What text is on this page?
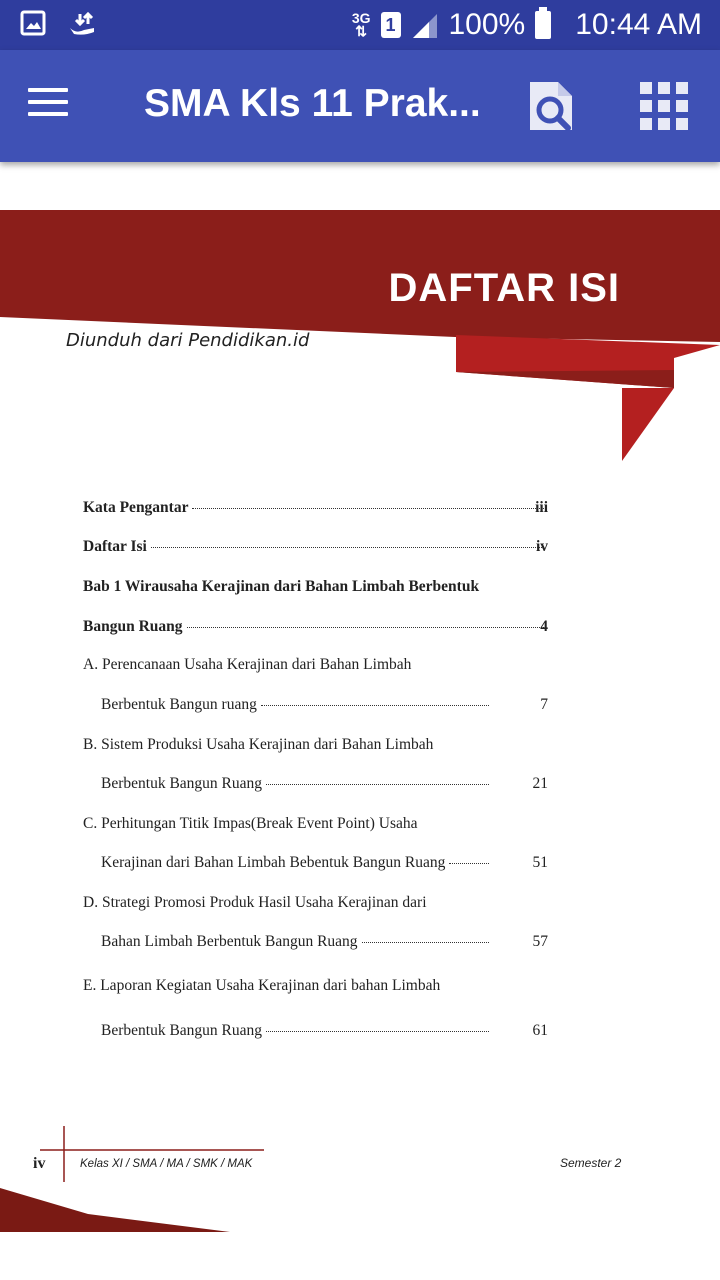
3G
⇅ 1 100% 10:44 AM
SMA Kls 11 Prak...
DAFTAR ISI
Diunduh dari Pendidikan.id
Kata Pengantar	iii
Daftar Isi	iv
Bab 1 Wirausaha Kerajinan dari Bahan Limbah Berbentuk
Bangun Ruang	4
A. Perencanaan Usaha Kerajinan dari Bahan Limbah
Berbentuk Bangun ruang	7
B. Sistem Produksi Usaha Kerajinan dari Bahan Limbah
Berbentuk Bangun Ruang	21
C. Perhitungan Titik Impas(Break Event Point) Usaha
Kerajinan dari Bahan Limbah Bebentuk Bangun Ruang	51
D. Strategi Promosi Produk Hasil Usaha Kerajinan dari
Bahan Limbah Berbentuk Bangun Ruang	57
E. Laporan Kegiatan Usaha Kerajinan dari bahan Limbah
Berbentuk Bangun Ruang	61
iv	Kelas XI / SMA / MA / SMK / MAK	Semester 2
